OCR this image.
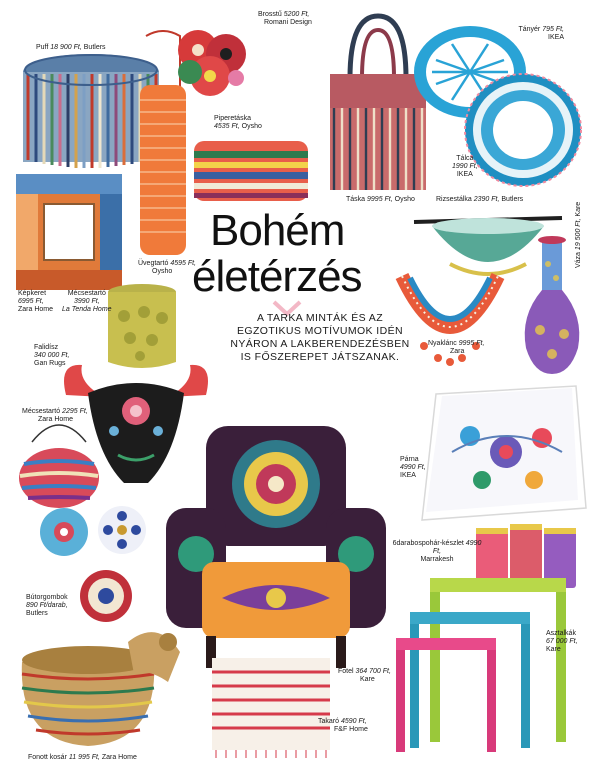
Bohém
életérzés
A TARKA MINTÁK ÉS AZ EGZOTIKUS MOTÍVUMOK IDÉN NYÁRON A LAKBERENDEZÉSBEN IS FŐSZEREPET JÁTSZANAK.
Puff 18 900 Ft, Butlers
Brosstű 5200 Ft,
Romani Design
Tányér 795 Ft,
IKEA
Piperetáska
4535 Ft, Oysho
Tálca
1990 Ft,
IKEA
Táska 9995 Ft, Oysho	Rizsestálka 2390 Ft, Butlers
Üvegtartó 4595 Ft,
Oysho
Képkeret
6995 Ft,
Zara Home
Mécsestartó
3990 Ft,
La Tenda Home
Falidísz
340 000 Ft,
Gan Rugs
Nyaklánc 9995 Ft,
Zara
Váza 19 500 Ft, Kare
Mécsestartó 2295 Ft,
Zara Home
Párna
4990 Ft,
IKEA
6darabospohár-készlet 4990 Ft,
Marrakesh
Bútorgombok
890 Ft/darab,
Butlers
Asztalkák
67 000 Ft,
Kare
Fotel 364 700 Ft,
Kare
Takaró 4590 Ft,
F&F Home
Fonott kosár 11 995 Ft, Zara Home
